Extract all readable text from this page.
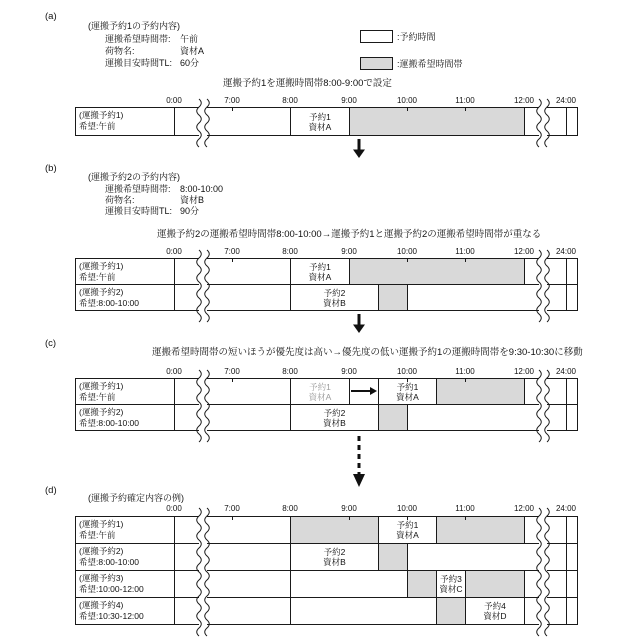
(a)
(運搬予約1の予約内容)
運搬希望時間帯: 午前
荷物名:	資材A
運搬目安時間TL: 60分
運搬予約1を運搬時間帯8:00-9:00で設定
:予約時間
:運搬希望時間帯
(b)
(運搬予約2の予約内容)
運搬希望時間帯: 8:00-10:00
荷物名:	資材B
運搬目安時間TL: 90分
運搬予約2の運搬希望時間帯8:00-10:00→運搬予約1と運搬予約2の運搬希望時間帯が重なる
(c)
運搬希望時間帯の短いほうが優先度は高い→優先度の低い運搬予約1の運搬時間帯を9:30-10:30に移動
(d)
(運搬予約確定内容の例)
0:00	7:00	8:00	9:00	10:00	11:00	12:00	24:00
(運搬予約1)
希望:午前
予約1
資材A
0:00	7:00	8:00	9:00	10:00	11:00	12:00	24:00
(運搬予約1)
希望:午前
予約1
資材A
(運搬予約2)
希望:8:00-10:00
予約2
資材B
0:00	7:00	8:00	9:00	10:00	11:00	12:00	24:00
(運搬予約1)
希望:午前
予約1
資材A
予約1
資材A
(運搬予約2)
希望:8:00-10:00
予約2
資材B
0:00	7:00	8:00	9:00	10:00	11:00	12:00	24:00
(運搬予約1)
希望:午前
予約1
資材A
(運搬予約2)
希望:8:00-10:00
予約2
資材B
(運搬予約3)
希望:10:00-12:00
予約3
資材C
(運搬予約4)
希望:10:30-12:00
予約4
資材D
